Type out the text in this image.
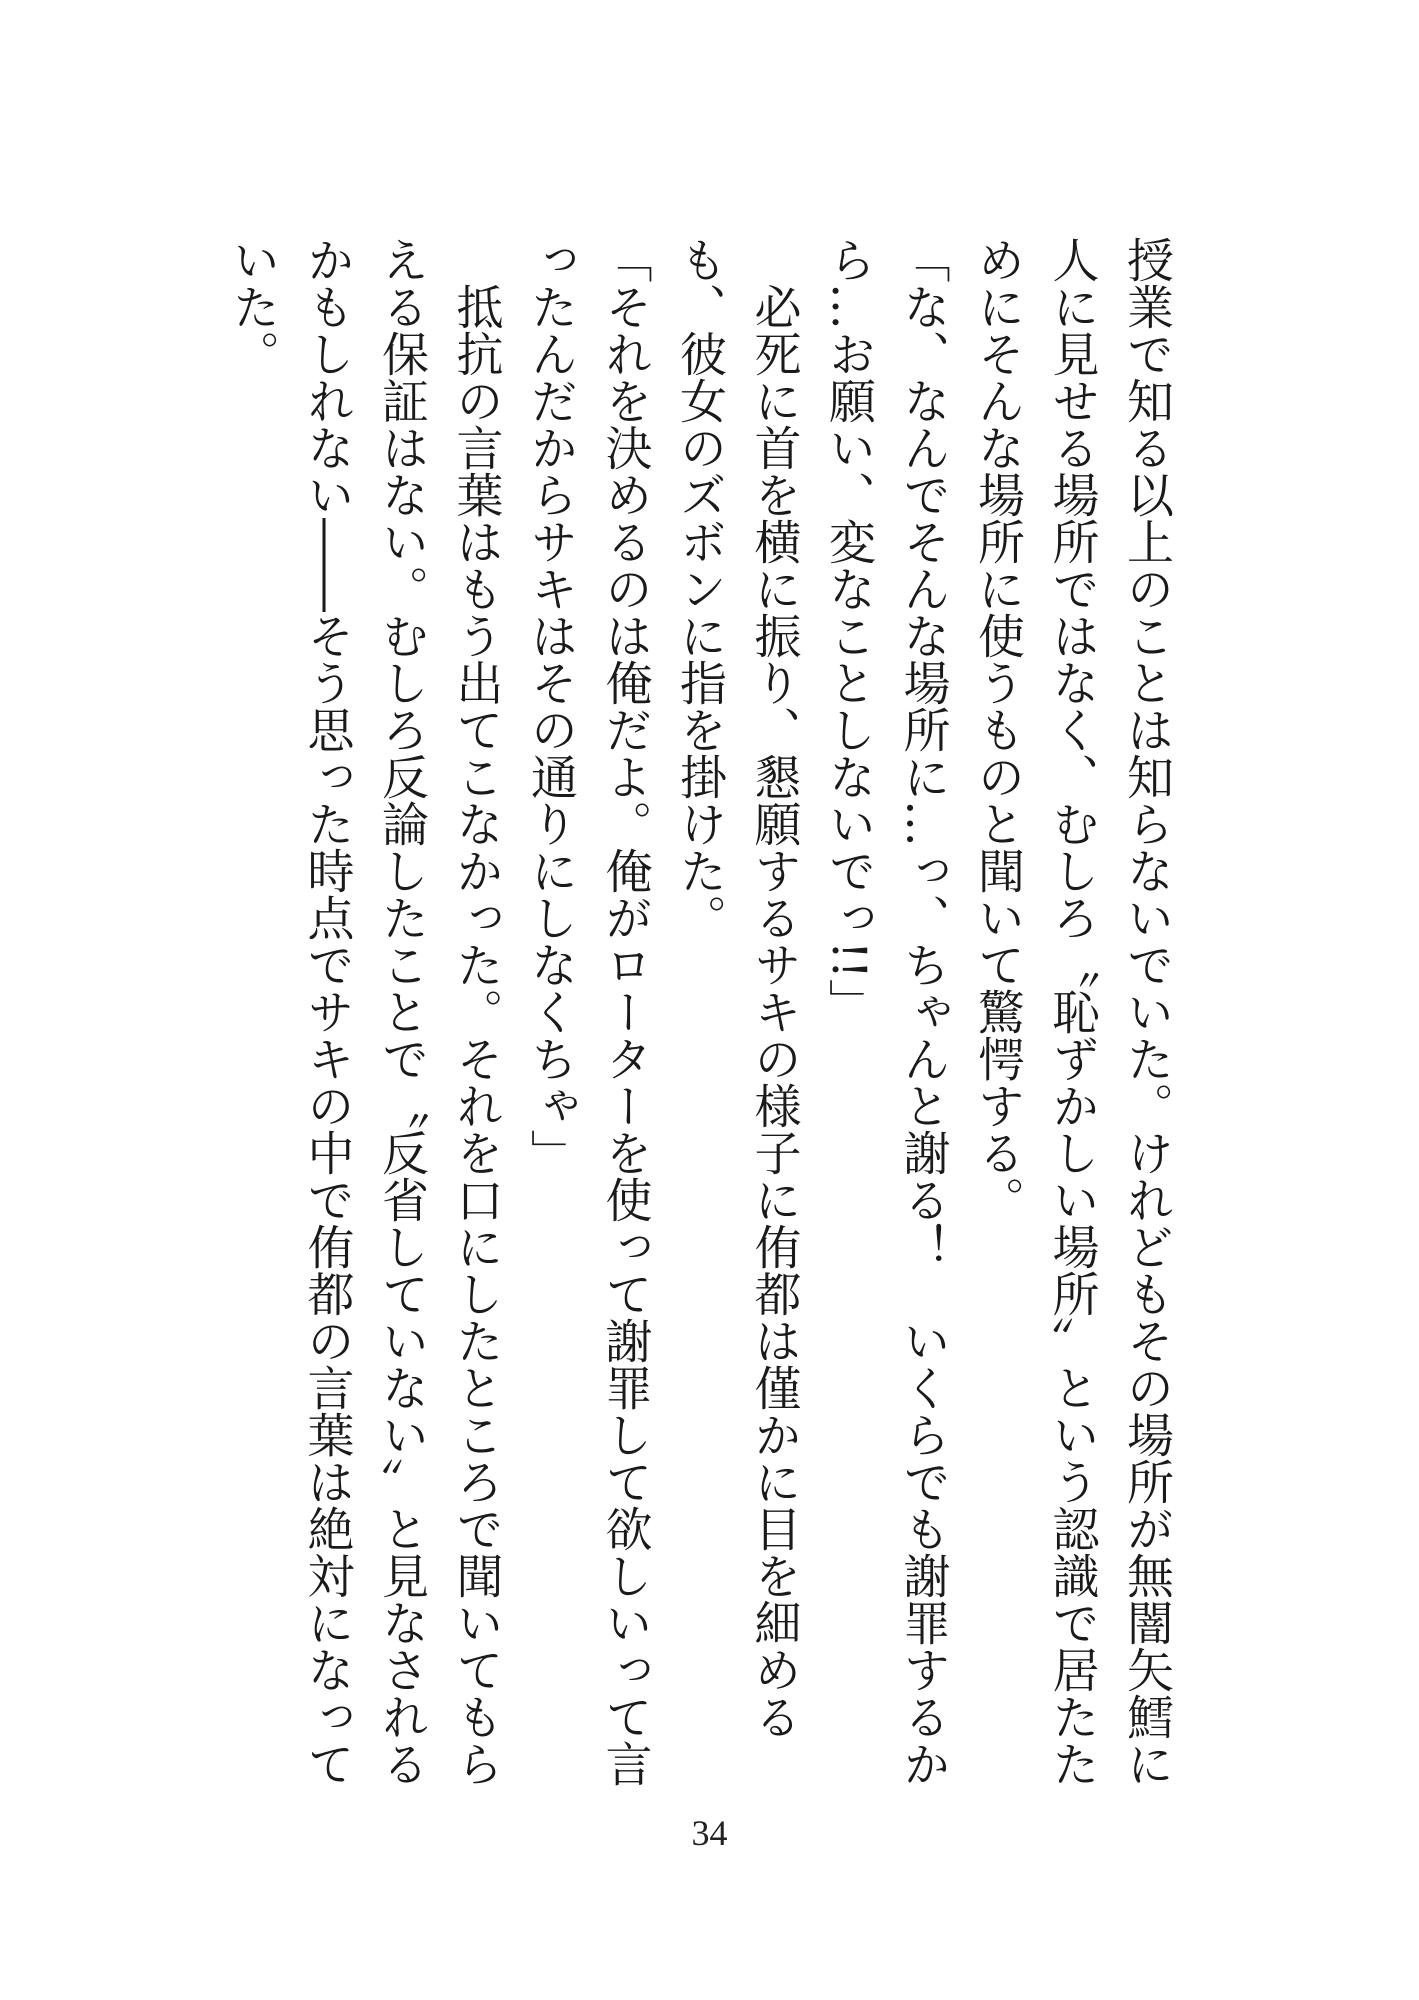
授業で知る以上のことは知らないでいた。けれどもその場所が無闇矢鱈に人に見せる場所ではなく、むしろ〝恥ずかしい場所〟という認識で居たためにそんな場所に使うものと聞いて驚愕する。

「な、なんでそんな場所に…っ、ちゃんと謝る！　いくらでも謝罪するから…お願い、変なことしないでっ!!」

　必死に首を横に振り、懇願するサキの様子に侑都は僅かに目を細めるも、彼女のズボンに指を掛けた。

「それを決めるのは俺だよ。俺がローターを使って謝罪して欲しいって言ったんだからサキはその通りにしなくちゃ」

　抵抗の言葉はもう出てこなかった。それを口にしたところで聞いてもらえる保証はない。むしろ反論したことで〝反省していない〟と見なされるかもしれない――そう思った時点でサキの中で侑都の言葉は絶対になっていた。

34
